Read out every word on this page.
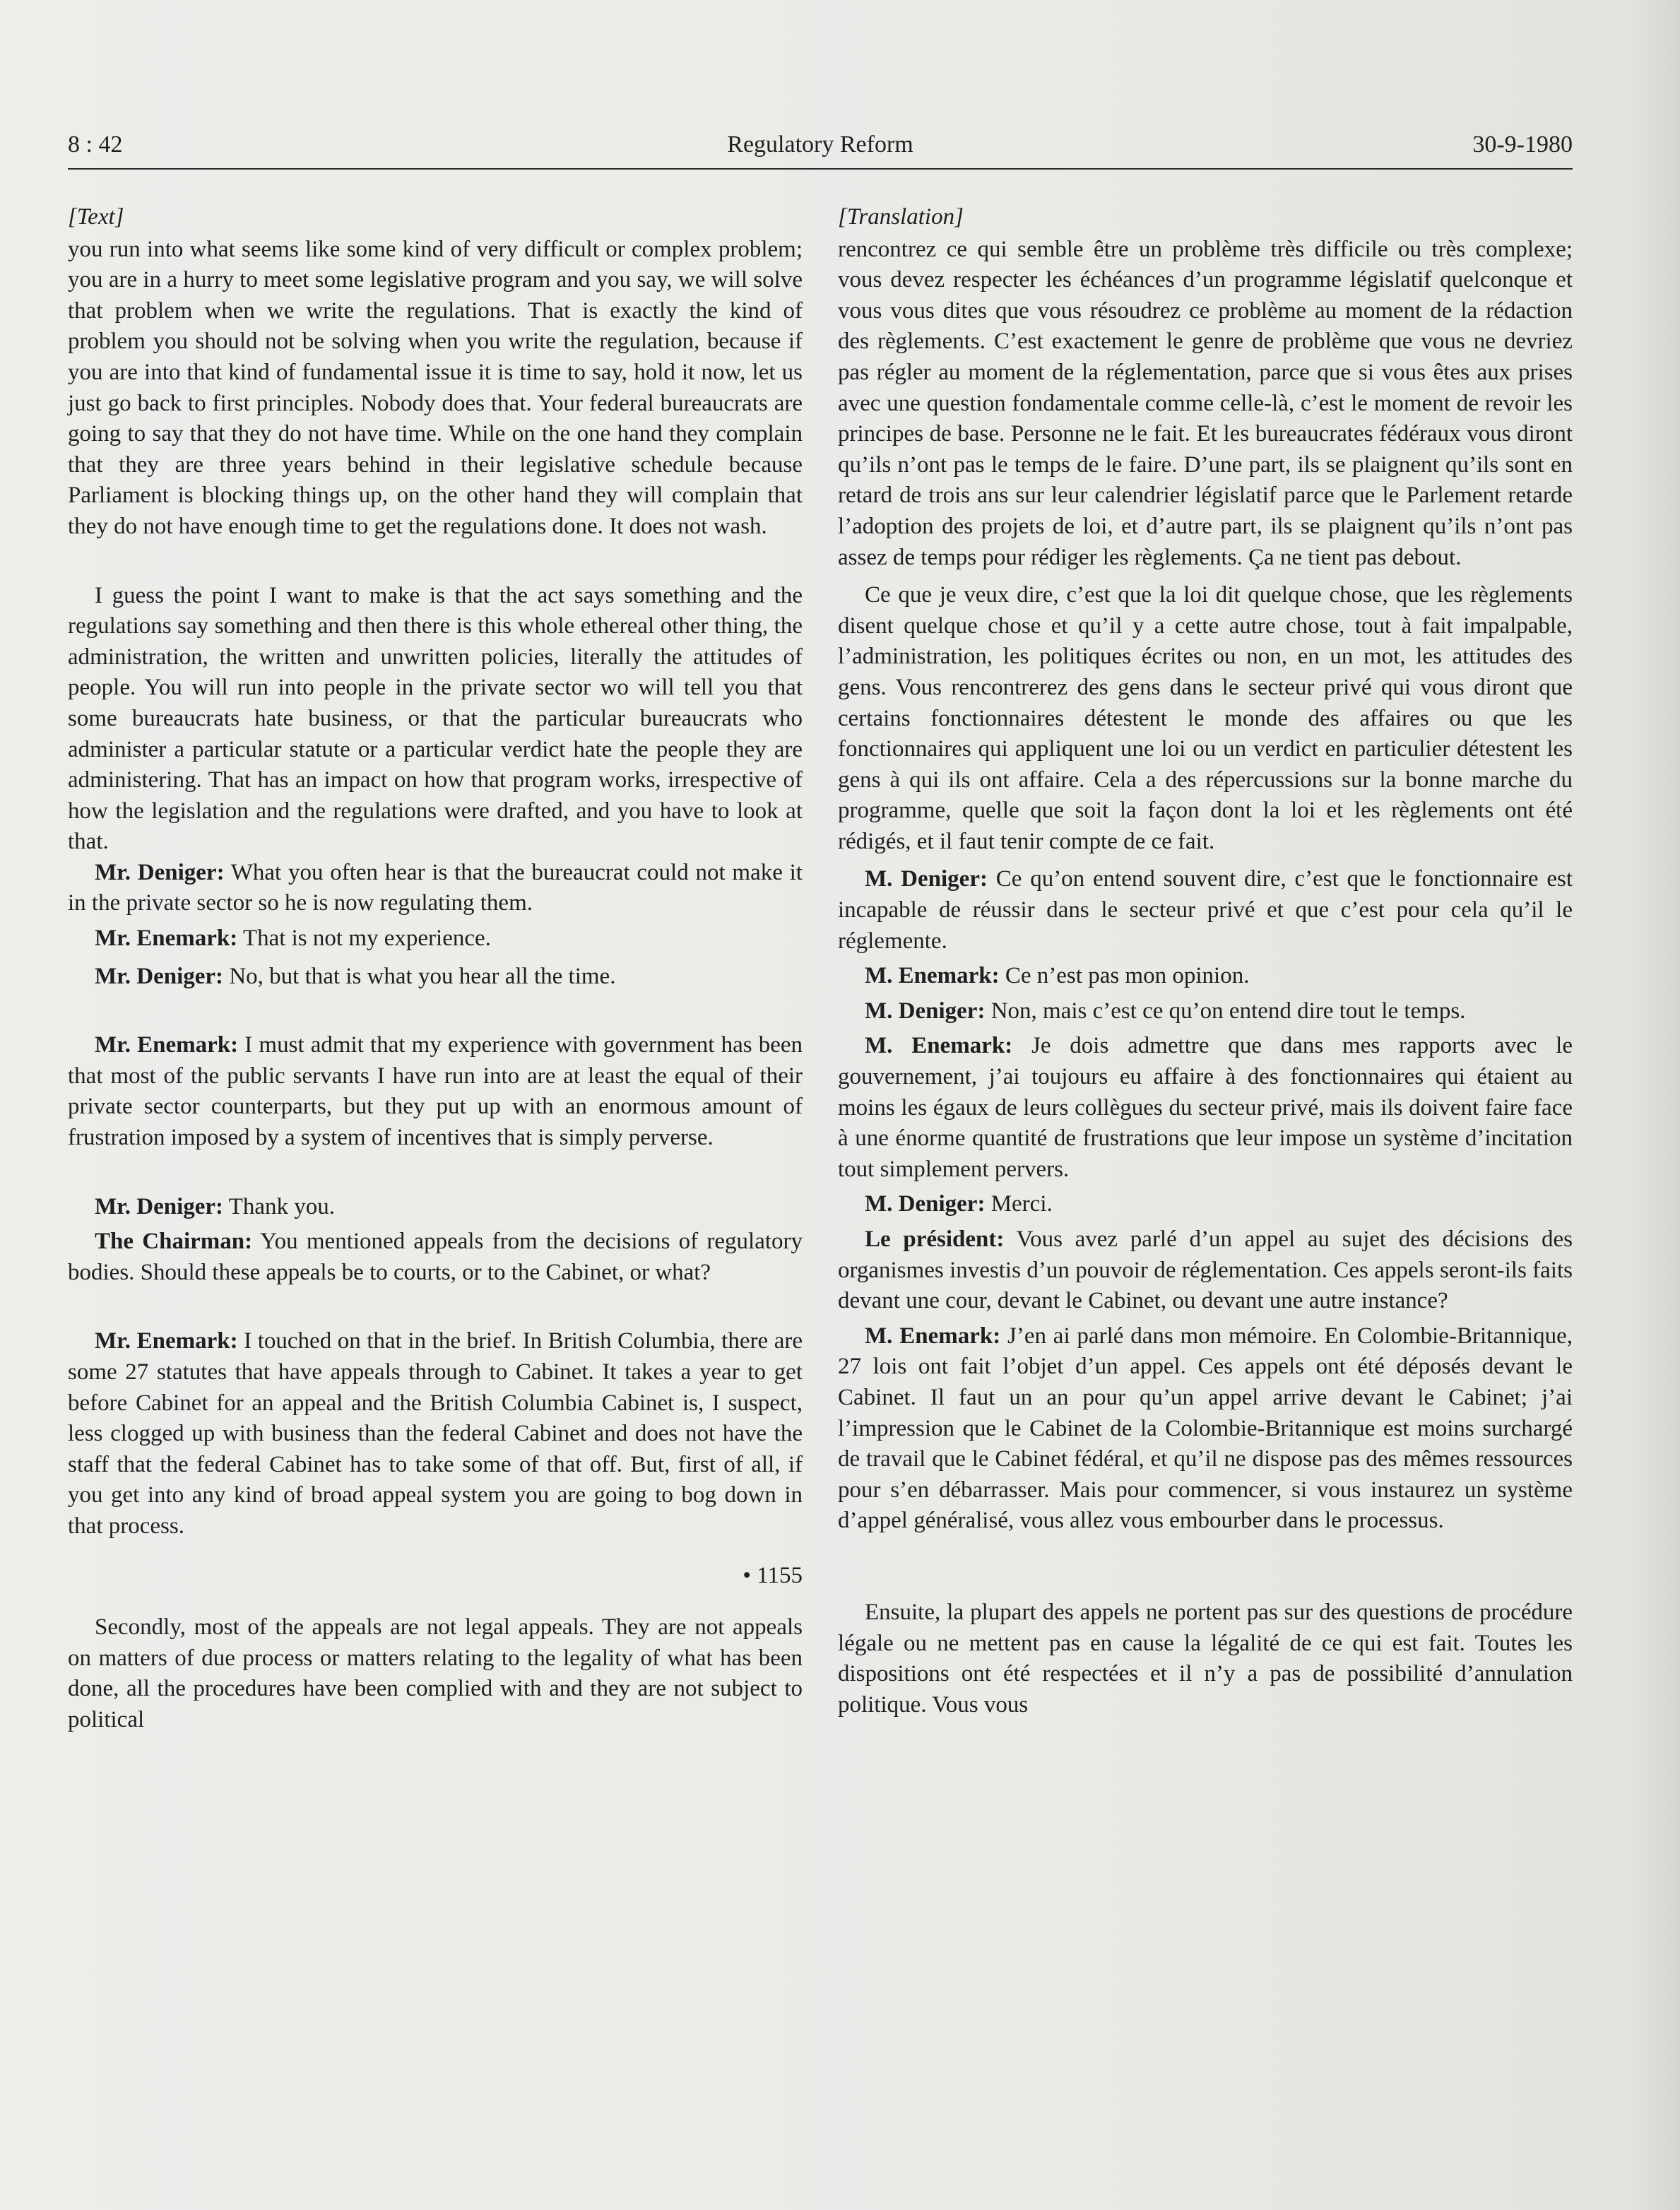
8 : 42	Regulatory Reform	30-9-1980
[Text]

you run into what seems like some kind of very difficult or complex problem; you are in a hurry to meet some legislative program and you say, we will solve that problem when we write the regulations. That is exactly the kind of problem you should not be solving when you write the regulation, because if you are into that kind of fundamental issue it is time to say, hold it now, let us just go back to first principles. Nobody does that. Your federal bureaucrats are going to say that they do not have time. While on the one hand they complain that they are three years behind in their legislative schedule because Parliament is blocking things up, on the other hand they will complain that they do not have enough time to get the regulations done. It does not wash.

I guess the point I want to make is that the act says something and the regulations say something and then there is this whole ethereal other thing, the administration, the written and unwritten policies, literally the attitudes of people. You will run into people in the private sector wo will tell you that some bureaucrats hate business, or that the particular bureaucrats who administer a particular statute or a particular verdict hate the people they are administering. That has an impact on how that program works, irrespective of how the legislation and the regulations were drafted, and you have to look at that.

Mr. Deniger: What you often hear is that the bureaucrat could not make it in the private sector so he is now regulating them.

Mr. Enemark: That is not my experience.

Mr. Deniger: No, but that is what you hear all the time.

Mr. Enemark: I must admit that my experience with government has been that most of the public servants I have run into are at least the equal of their private sector counterparts, but they put up with an enormous amount of frustration imposed by a system of incentives that is simply perverse.

Mr. Deniger: Thank you.

The Chairman: You mentioned appeals from the decisions of regulatory bodies. Should these appeals be to courts, or to the Cabinet, or what?

Mr. Enemark: I touched on that in the brief. In British Columbia, there are some 27 statutes that have appeals through to Cabinet. It takes a year to get before Cabinet for an appeal and the British Columbia Cabinet is, I suspect, less clogged up with business than the federal Cabinet and does not have the staff that the federal Cabinet has to take some of that off. But, first of all, if you get into any kind of broad appeal system you are going to bog down in that process.

• 1155

Secondly, most of the appeals are not legal appeals. They are not appeals on matters of due process or matters relating to the legality of what has been done, all the procedures have been complied with and they are not subject to political

[Translation]

rencontrez ce qui semble être un problème très difficile ou très complexe; vous devez respecter les échéances d’un programme législatif quelconque et vous vous dites que vous résoudrez ce problème au moment de la rédaction des règlements. C’est exactement le genre de problème que vous ne devriez pas régler au moment de la réglementation, parce que si vous êtes aux prises avec une question fondamentale comme celle-là, c’est le moment de revoir les principes de base. Personne ne le fait. Et les bureaucrates fédéraux vous diront qu’ils n’ont pas le temps de le faire. D’une part, ils se plaignent qu’ils sont en retard de trois ans sur leur calendrier législatif parce que le Parlement retarde l’adoption des projets de loi, et d’autre part, ils se plaignent qu’ils n’ont pas assez de temps pour rédiger les règlements. Ça ne tient pas debout.

Ce que je veux dire, c’est que la loi dit quelque chose, que les règlements disent quelque chose et qu’il y a cette autre chose, tout à fait impalpable, l’administration, les politiques écrites ou non, en un mot, les attitudes des gens. Vous rencontrerez des gens dans le secteur privé qui vous diront que certains fonctionnaires détestent le monde des affaires ou que les fonctionnaires qui appliquent une loi ou un verdict en particulier détestent les gens à qui ils ont affaire. Cela a des répercussions sur la bonne marche du programme, quelle que soit la façon dont la loi et les règlements ont été rédigés, et il faut tenir compte de ce fait.

M. Deniger: Ce qu’on entend souvent dire, c’est que le fonctionnaire est incapable de réussir dans le secteur privé et que c’est pour cela qu’il le réglemente.

M. Enemark: Ce n’est pas mon opinion.

M. Deniger: Non, mais c’est ce qu’on entend dire tout le temps.

M. Enemark: Je dois admettre que dans mes rapports avec le gouvernement, j’ai toujours eu affaire à des fonctionnaires qui étaient au moins les égaux de leurs collègues du secteur privé, mais ils doivent faire face à une énorme quantité de frustrations que leur impose un système d’incitation tout simplement pervers.

M. Deniger: Merci.

Le président: Vous avez parlé d’un appel au sujet des décisions des organismes investis d’un pouvoir de réglementation. Ces appels seront-ils faits devant une cour, devant le Cabinet, ou devant une autre instance?

M. Enemark: J’en ai parlé dans mon mémoire. En Colombie-Britannique, 27 lois ont fait l’objet d’un appel. Ces appels ont été déposés devant le Cabinet. Il faut un an pour qu’un appel arrive devant le Cabinet; j’ai l’impression que le Cabinet de la Colombie-Britannique est moins surchargé de travail que le Cabinet fédéral, et qu’il ne dispose pas des mêmes ressources pour s’en débarrasser. Mais pour commencer, si vous instaurez un système d’appel généralisé, vous allez vous embourber dans le processus.

Ensuite, la plupart des appels ne portent pas sur des questions de procédure légale ou ne mettent pas en cause la légalité de ce qui est fait. Toutes les dispositions ont été respectées et il n’y a pas de possibilité d’annulation politique. Vous vous
